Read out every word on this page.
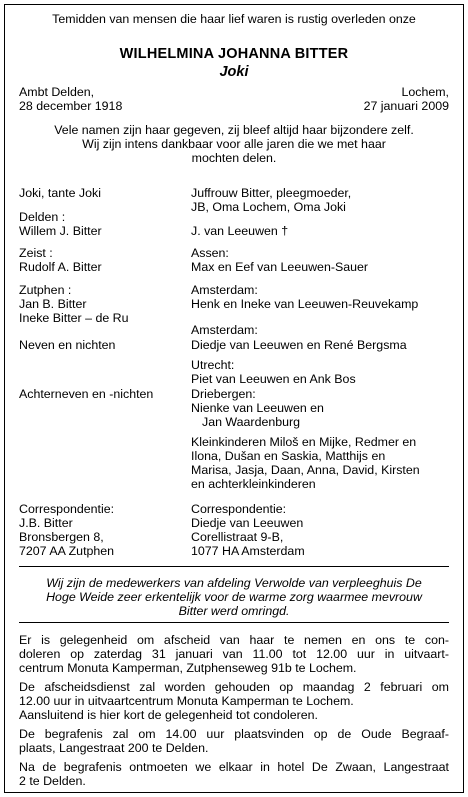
Temidden van mensen die haar lief waren is rustig overleden onze
WILHELMINA JOHANNA BITTER
Joki
Ambt Delden,
28 december 1918
Lochem,
27 januari 2009
Vele namen zijn haar gegeven, zij bleef altijd haar bijzondere zelf.
Wij zijn intens dankbaar voor alle jaren die we met haar
mochten delen.
Joki, tante Joki
Delden :
Willem J. Bitter
Zeist :
Rudolf A. Bitter
Zutphen :
Jan B. Bitter
Ineke Bitter – de Ru
Neven en nichten
Achterneven en -nichten
Correspondentie:
J.B. Bitter
Bronsbergen 8,
7207 AA Zutphen
Juffrouw Bitter, pleegmoeder,
JB, Oma Lochem, Oma Joki
J. van Leeuwen †
Assen:
Max en Eef van Leeuwen-Sauer
Amsterdam:
Henk en Ineke van Leeuwen-Reuvekamp
Amsterdam:
Diedje van Leeuwen en René Bergsma
Utrecht:
Piet van Leeuwen en Ank Bos
Driebergen:
Nienke van Leeuwen en
Jan Waardenburg
Kleinkinderen Miloš en Mijke, Redmer en
Ilona, Dušan en Saskia, Matthijs en
Marisa, Jasja, Daan, Anna, David, Kirsten
en achterkleinkinderen
Correspondentie:
Diedje van Leeuwen
Corellistraat 9-B,
1077 HA Amsterdam
Wij zijn de medewerkers van afdeling Verwolde van verpleeghuis De
Hoge Weide zeer erkentelijk voor de warme zorg waarmee mevrouw
Bitter werd omringd.
Er is gelegenheid om afscheid van haar te nemen en ons te con-
doleren op zaterdag 31 januari van 11.00 tot 12.00 uur in uitvaart-
centrum Monuta Kamperman, Zutphenseweg 91b te Lochem.
De afscheidsdienst zal worden gehouden op maandag 2 februari om
12.00 uur in uitvaartcentrum Monuta Kamperman te Lochem.
Aansluitend is hier kort de gelegenheid tot condoleren.
De begrafenis zal om 14.00 uur plaatsvinden op de Oude Begraaf-
plaats, Langestraat 200 te Delden.
Na de begrafenis ontmoeten we elkaar in hotel De Zwaan, Langestraat
2 te Delden.
